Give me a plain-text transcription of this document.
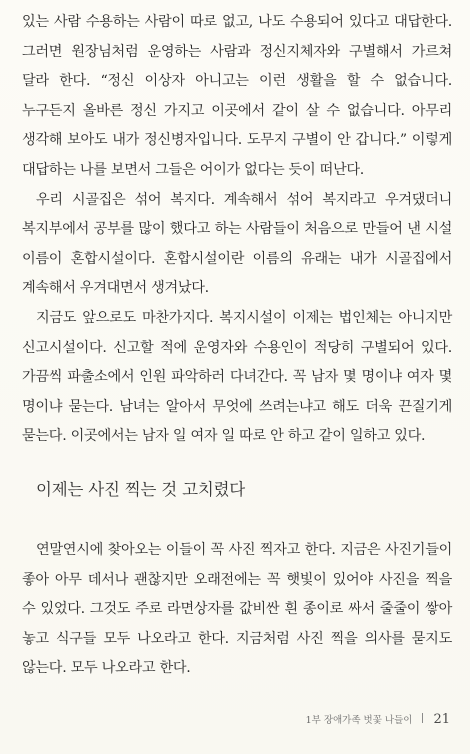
있는 사람 수용하는 사람이 따로 없고, 나도 수용되어 있다고 대답한다. 그러면 원장님처럼 운영하는 사람과 정신지체자와 구별해서 가르쳐 달라 한다. “정신 이상자 아니고는 이런 생활을 할 수 없습니다. 누구든지 올바른 정신 가지고 이곳에서 같이 살 수 없습니다. 아무리 생각해 보아도 내가 정신병자입니다. 도무지 구별이 안 갑니다.” 이렇게 대답하는 나를 보면서 그들은 어이가 없다는 듯이 떠난다.

우리 시골집은 섞어 복지다. 계속해서 섞어 복지라고 우겨댔더니 복지부에서 공부를 많이 했다고 하는 사람들이 처음으로 만들어 낸 시설 이름이 혼합시설이다. 혼합시설이란 이름의 유래는 내가 시골집에서 계속해서 우겨대면서 생겨났다.

지금도 앞으로도 마찬가지다. 복지시설이 이제는 법인체는 아니지만 신고시설이다. 신고할 적에 운영자와 수용인이 적당히 구별되어 있다. 가끔씩 파출소에서 인원 파악하러 다녀간다. 꼭 남자 몇 명이냐 여자 몇 명이냐 묻는다. 남녀는 알아서 무엇에 쓰려는냐고 해도 더욱 끈질기게 묻는다. 이곳에서는 남자 일 여자 일 따로 안 하고 같이 일하고 있다.

이제는 사진 찍는 것 고치렸다

연말연시에 찾아오는 이들이 꼭 사진 찍자고 한다. 지금은 사진기들이 좋아 아무 데서나 괜찮지만 오래전에는 꼭 햇빛이 있어야 사진을 찍을 수 있었다. 그것도 주로 라면상자를 값비싼 흰 종이로 싸서 줄줄이 쌓아 놓고 식구들 모두 나오라고 한다. 지금처럼 사진 찍을 의사를 묻지도 않는다. 모두 나오라고 한다.

1부 장애가족 벗꽃 나들이 21
